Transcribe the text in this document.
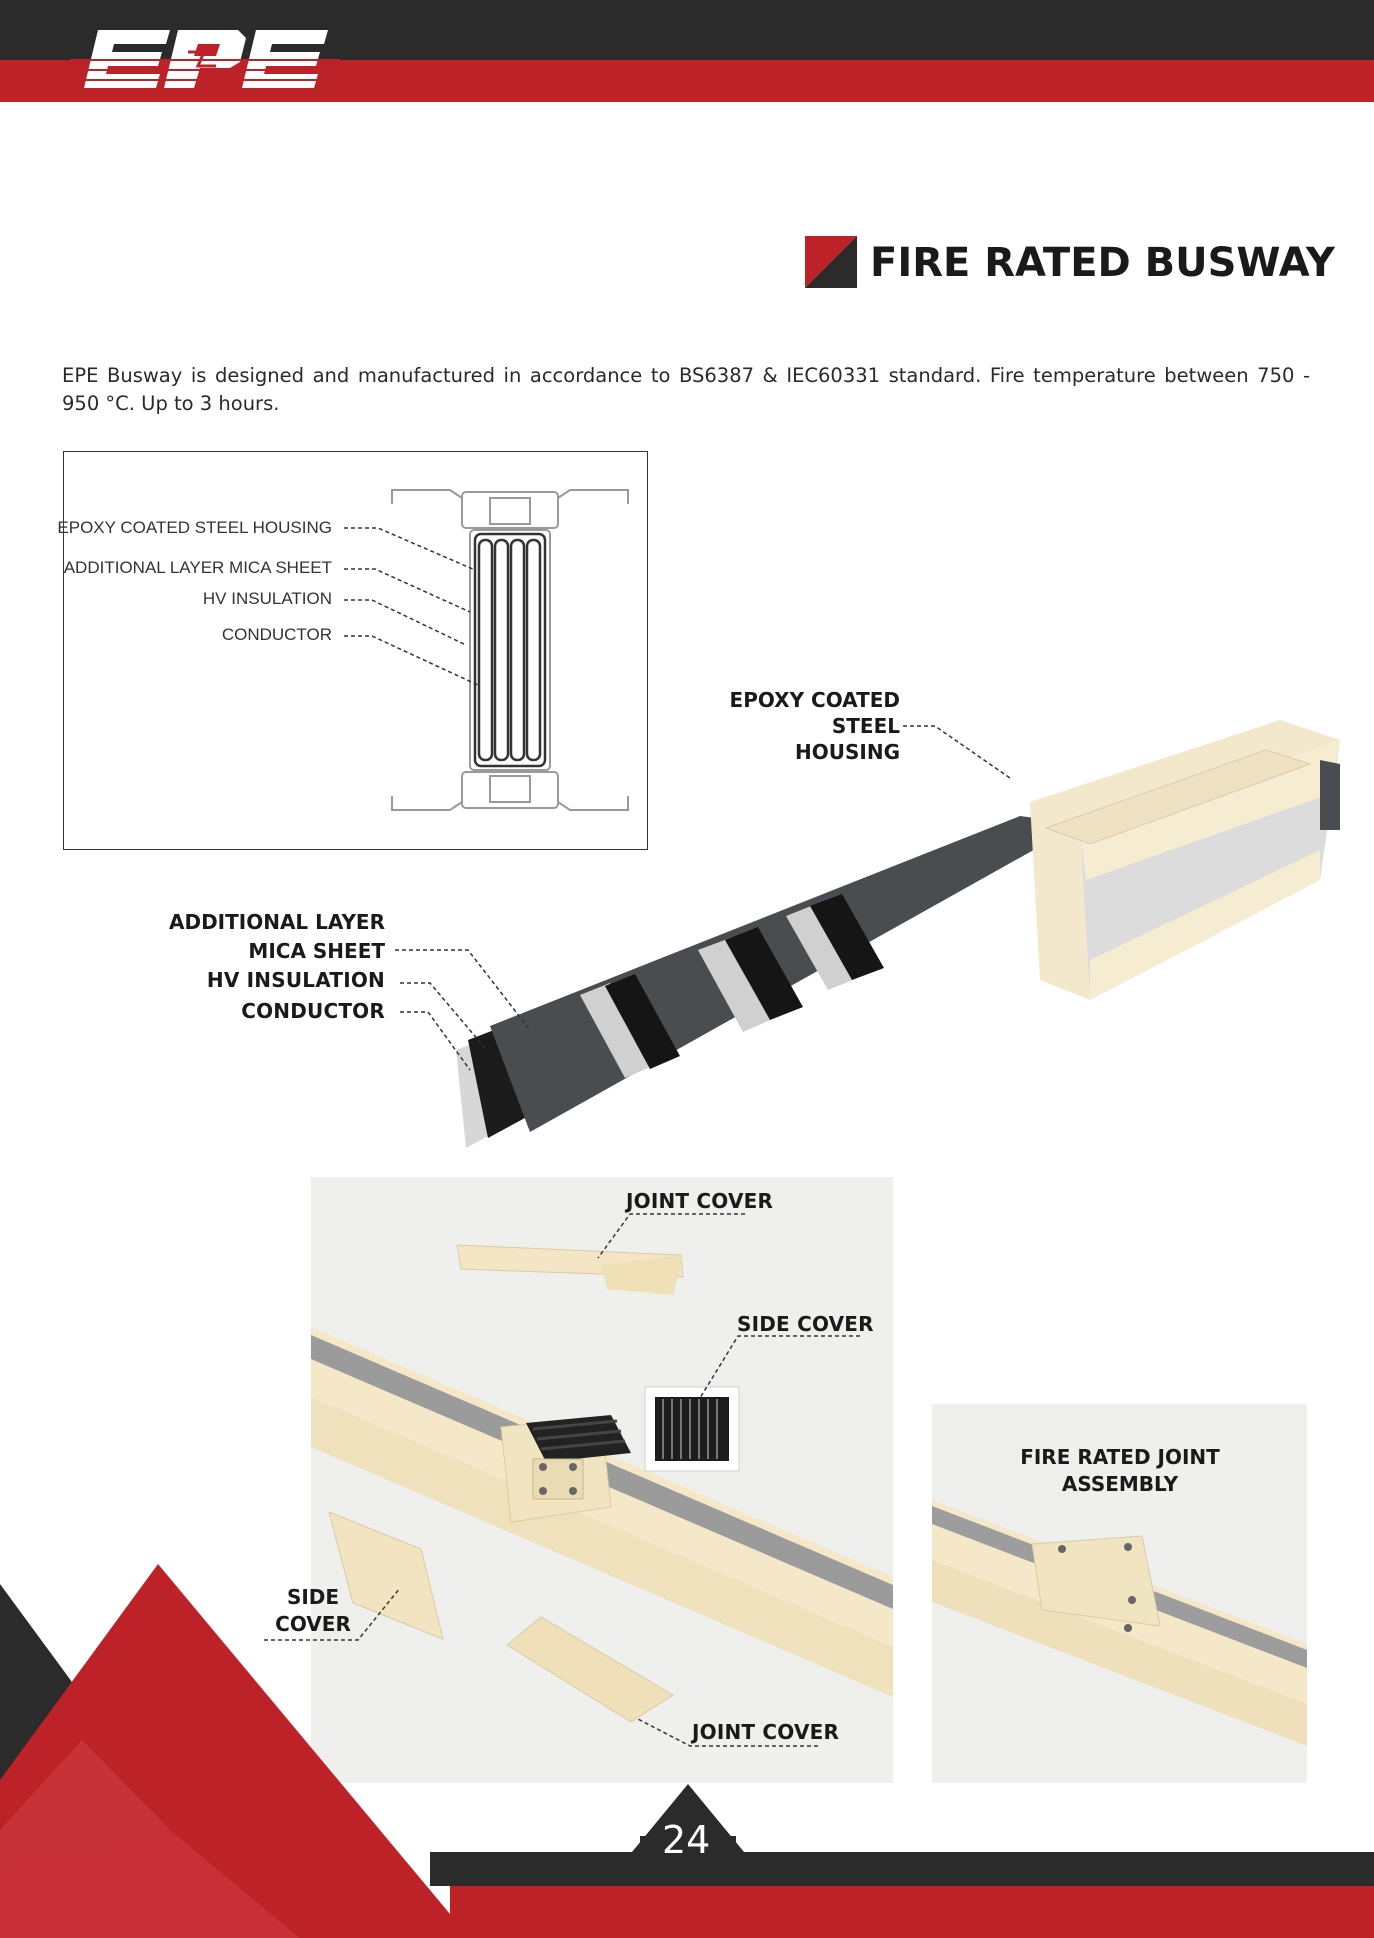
EPE
FIRE RATED BUSWAY
EPE Busway is designed and manufactured in accordance to BS6387 & IEC60331 standard. Fire temperature between 750 - 950 °C. Up to 3 hours.
EPOXY COATED STEEL HOUSING
ADDITIONAL LAYER MICA SHEET
HV INSULATION
CONDUCTOR
EPOXY COATED STEEL
HOUSING
ADDITIONAL LAYER
MICA SHEET
HV INSULATION
CONDUCTOR
JOINT COVER
SIDE COVER
SIDE
COVER
JOINT COVER
FIRE RATED JOINT
ASSEMBLY
24
